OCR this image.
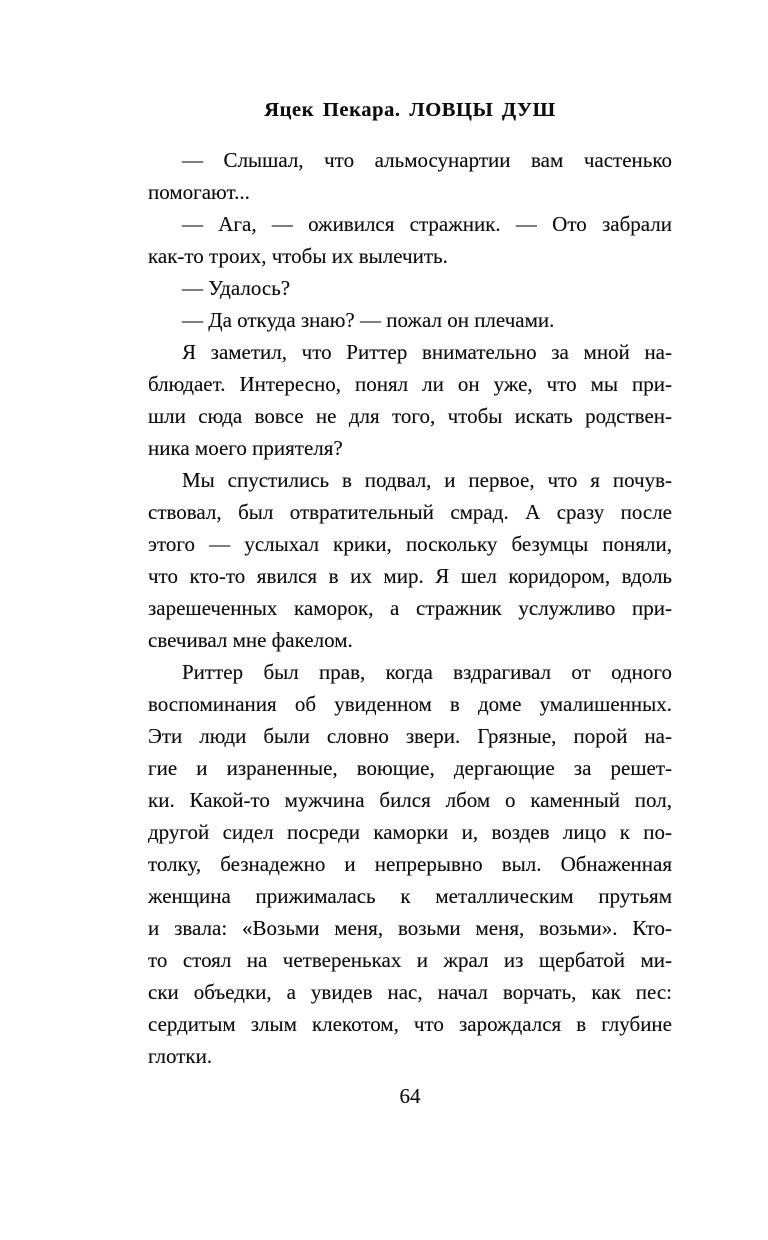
Яцек Пекара. ЛОВЦЫ ДУШ
— Слышал, что альмосунартии вам частенько
помогают...
— Ага, — оживился стражник. — Ото забрали
как-то троих, чтобы их вылечить.
— Удалось?
— Да откуда знаю? — пожал он плечами.
Я заметил, что Риттер внимательно за мной на-
блюдает. Интересно, понял ли он уже, что мы при-
шли сюда вовсе не для того, чтобы искать родствен-
ника моего приятеля?
Мы спустились в подвал, и первое, что я почув-
ствовал, был отвратительный смрад. А сразу после
этого — услыхал крики, поскольку безумцы поняли,
что кто-то явился в их мир. Я шел коридором, вдоль
зарешеченных каморок, а стражник услужливо при-
свечивал мне факелом.
Риттер был прав, когда вздрагивал от одного
воспоминания об увиденном в доме умалишенных.
Эти люди были словно звери. Грязные, порой на-
гие и израненные, воющие, дергающие за решет-
ки. Какой-то мужчина бился лбом о каменный пол,
другой сидел посреди каморки и, воздев лицо к по-
толку, безнадежно и непрерывно выл. Обнаженная
женщина прижималась к металлическим прутьям
и звала: «Возьми меня, возьми меня, возьми». Кто-
то стоял на четвереньках и жрал из щербатой ми-
ски объедки, а увидев нас, начал ворчать, как пес:
сердитым злым клекотом, что зарождался в глубине
глотки.
64
